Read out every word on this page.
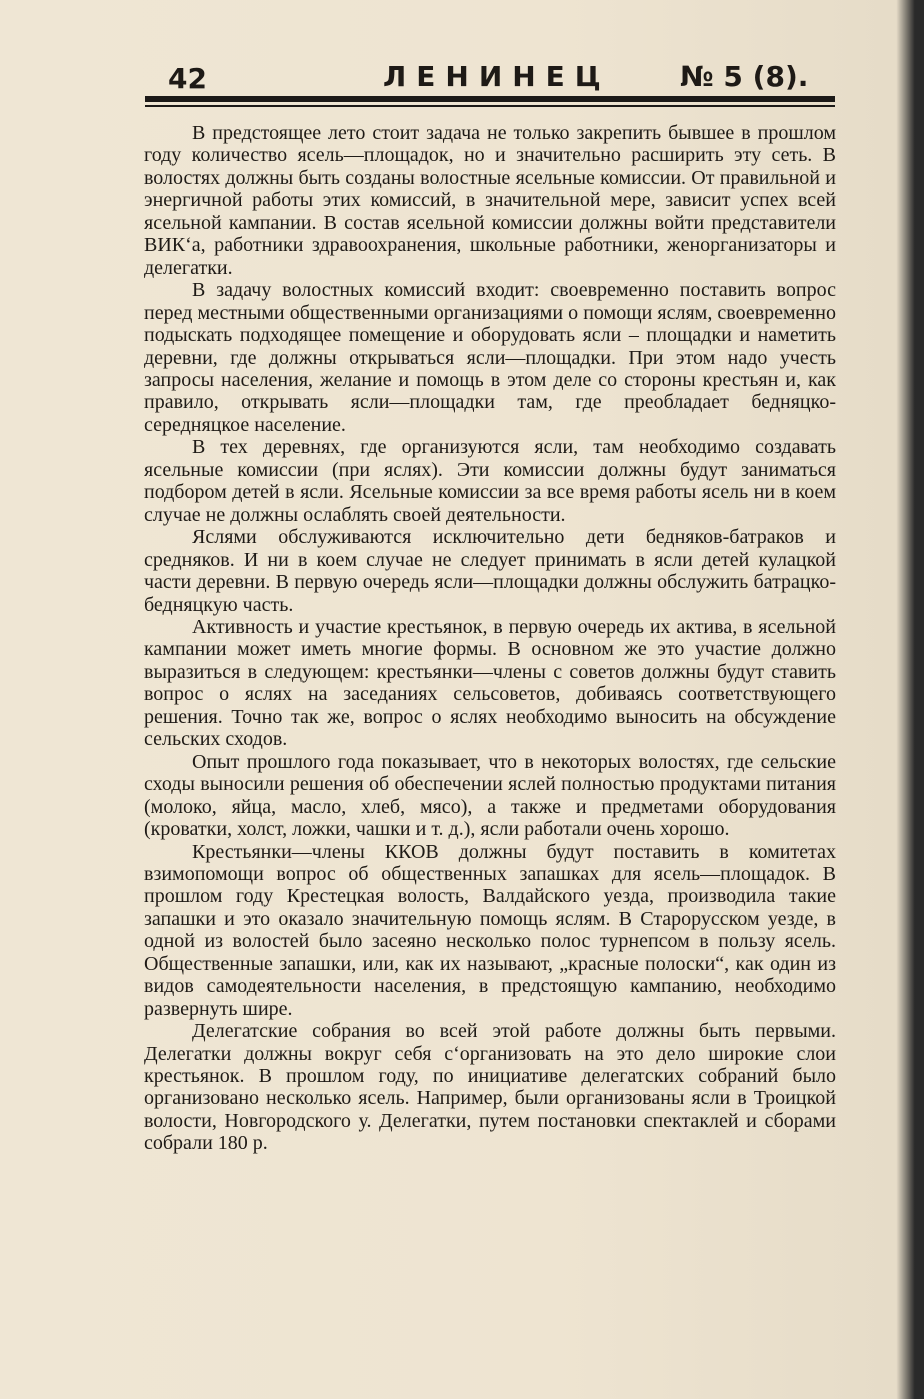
42	ЛЕНИНЕЦ № 5 (8).

В предстоящее лето стоит задача не только закрепить бывшее в прошлом году количество ясель—площадок, но и значительно расширить эту сеть. В волостях должны быть созданы волостные ясельные комиссии. От правильной и энергичной работы этих комиссий, в значительной мере, зависит успех всей ясельной кампании. В состав ясельной комиссии должны войти представители ВИК‘а, работники здравоохранения, школьные работники, женорганизаторы и делегатки.

В задачу волостных комиссий входит: своевременно поставить вопрос перед местными общественными организациями о помощи яслям, своевременно подыскать подходящее помещение и оборудовать ясли – площадки и наметить деревни, где должны открываться ясли—площадки. При этом надо учесть запросы населения, желание и помощь в этом деле со стороны крестьян и, как правило, открывать ясли—площадки там, где преобладает бедняцко-середняцкое население.

В тех деревнях, где организуются ясли, там необходимо создавать ясельные комиссии (при яслях). Эти комиссии должны будут заниматься подбором детей в ясли. Ясельные комиссии за все время работы ясель ни в коем случае не должны ослаблять своей деятельности.

Яслями обслуживаются исключительно дети бедняков-батраков и средняков. И ни в коем случае не следует принимать в ясли детей кулацкой части деревни. В первую очередь ясли—площадки должны обслужить батрацко-бедняцкую часть.

Активность и участие крестьянок, в первую очередь их актива, в ясельной кампании может иметь многие формы. В основном же это участие должно выразиться в следующем: крестьянки—члены с советов должны будут ставить вопрос о яслях на заседаниях сельсоветов, добиваясь соответствующего решения. Точно так же, вопрос о яслях необходимо выносить на обсуждение сельских сходов.

Опыт прошлого года показывает, что в некоторых волостях, где сельские сходы выносили решения об обеспечении яслей полностью продуктами питания (молоко, яйца, масло, хлеб, мясо), а также и предметами оборудования (кроватки, холст, ложки, чашки и т. д.), ясли работали очень хорошо.

Крестьянки—члены ККОВ должны будут поставить в комитетах взимопомощи вопрос об общественных запашках для ясель—площадок. В прошлом году Крестецкая волость, Валдайского уезда, производила такие запашки и это оказало значительную помощь яслям. В Старорусском уезде, в одной из волостей было засеяно несколько полос турнепсом в пользу ясель. Общественные запашки, или, как их называют, „красные полоски“, как один из видов самодеятельности населения, в предстоящую кампанию, необходимо развернуть шире.

Делегатские собрания во всей этой работе должны быть первыми. Делегатки должны вокруг себя с‘организовать на это дело широкие слои крестьянок. В прошлом году, по инициативе делегатских собраний было организовано несколько ясель. Например, были организованы ясли в Троицкой волости, Новгородского у. Делегатки, путем постановки спектаклей и сборами собрали 180 р.
